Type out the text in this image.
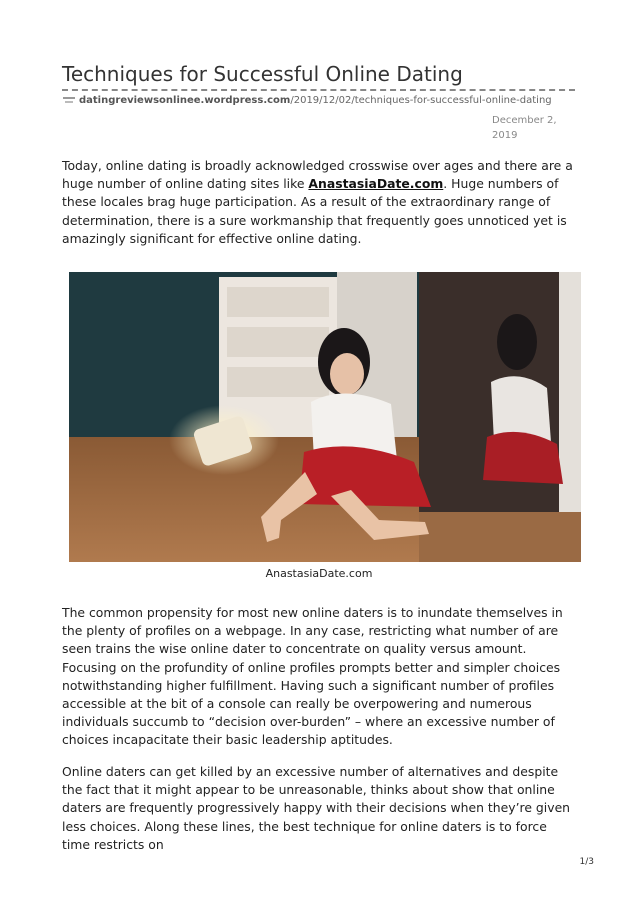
Techniques for Successful Online Dating
datingreviewsonlinee.wordpress.com/2019/12/02/techniques-for-successful-online-dating
December 2, 2019

Today, online dating is broadly acknowledged crosswise over ages and there are a huge number of online dating sites like AnastasiaDate.com. Huge numbers of these locales brag huge participation. As a result of the extraordinary range of determination, there is a sure workmanship that frequently goes unnoticed yet is amazingly significant for effective online dating.

AnastasiaDate.com

The common propensity for most new online daters is to inundate themselves in the plenty of profiles on a webpage. In any case, restricting what number of are seen trains the wise online dater to concentrate on quality versus amount. Focusing on the profundity of online profiles prompts better and simpler choices notwithstanding higher fulfillment. Having such a significant number of profiles accessible at the bit of a console can really be overpowering and numerous individuals succumb to “decision over-burden” – where an excessive number of choices incapacitate their basic leadership aptitudes.

Online daters can get killed by an excessive number of alternatives and despite the fact that it might appear to be unreasonable, thinks about show that online daters are frequently progressively happy with their decisions when they’re given less choices. Along these lines, the best technique for online daters is to force time restricts on

1/3
